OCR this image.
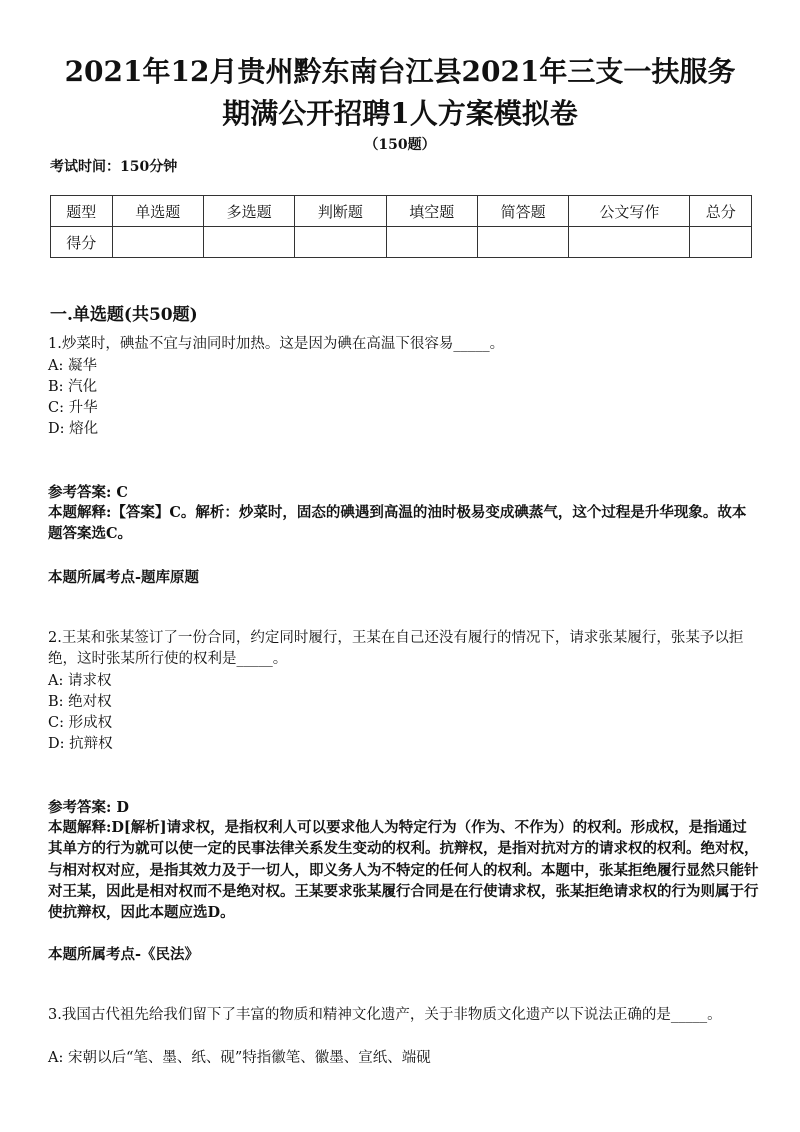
2021年12月贵州黔东南台江县2021年三支一扶服务
期满公开招聘1人方案模拟卷
（150题）
考试时间：150分钟
题型	单选题	多选题	判断题	填空题	简答题	公文写作	总分
得分							
一.单选题(共50题)
1.炒菜时，碘盐不宜与油同时加热。这是因为碘在高温下很容易_____。
A: 凝华
B: 汽化
C: 升华
D: 熔化
参考答案: C
本题解释:【答案】C。解析：炒菜时，固态的碘遇到高温的油时极易变成碘蒸气，这个过程是升华现象。故本题答案选C。
本题所属考点-题库原题
2.王某和张某签订了一份合同，约定同时履行，王某在自己还没有履行的情况下，请求张某履行，张某予以拒绝，这时张某所行使的权利是_____。
A: 请求权
B: 绝对权
C: 形成权
D: 抗辩权
参考答案: D
本题解释:D[解析]请求权，是指权利人可以要求他人为特定行为（作为、不作为）的权利。形成权，是指通过其单方的行为就可以使一定的民事法律关系发生变动的权利。抗辩权，是指对抗对方的请求权的权利。绝对权，与相对权对应，是指其效力及于一切人，即义务人为不特定的任何人的权利。本题中，张某拒绝履行显然只能针对王某，因此是相对权而不是绝对权。王某要求张某履行合同是在行使请求权，张某拒绝请求权的行为则属于行使抗辩权，因此本题应选D。
本题所属考点-《民法》
3.我国古代祖先给我们留下了丰富的物质和精神文化遗产，关于非物质文化遗产以下说法正确的是_____。
A: 宋朝以后“笔、墨、纸、砚”特指徽笔、徽墨、宣纸、端砚
